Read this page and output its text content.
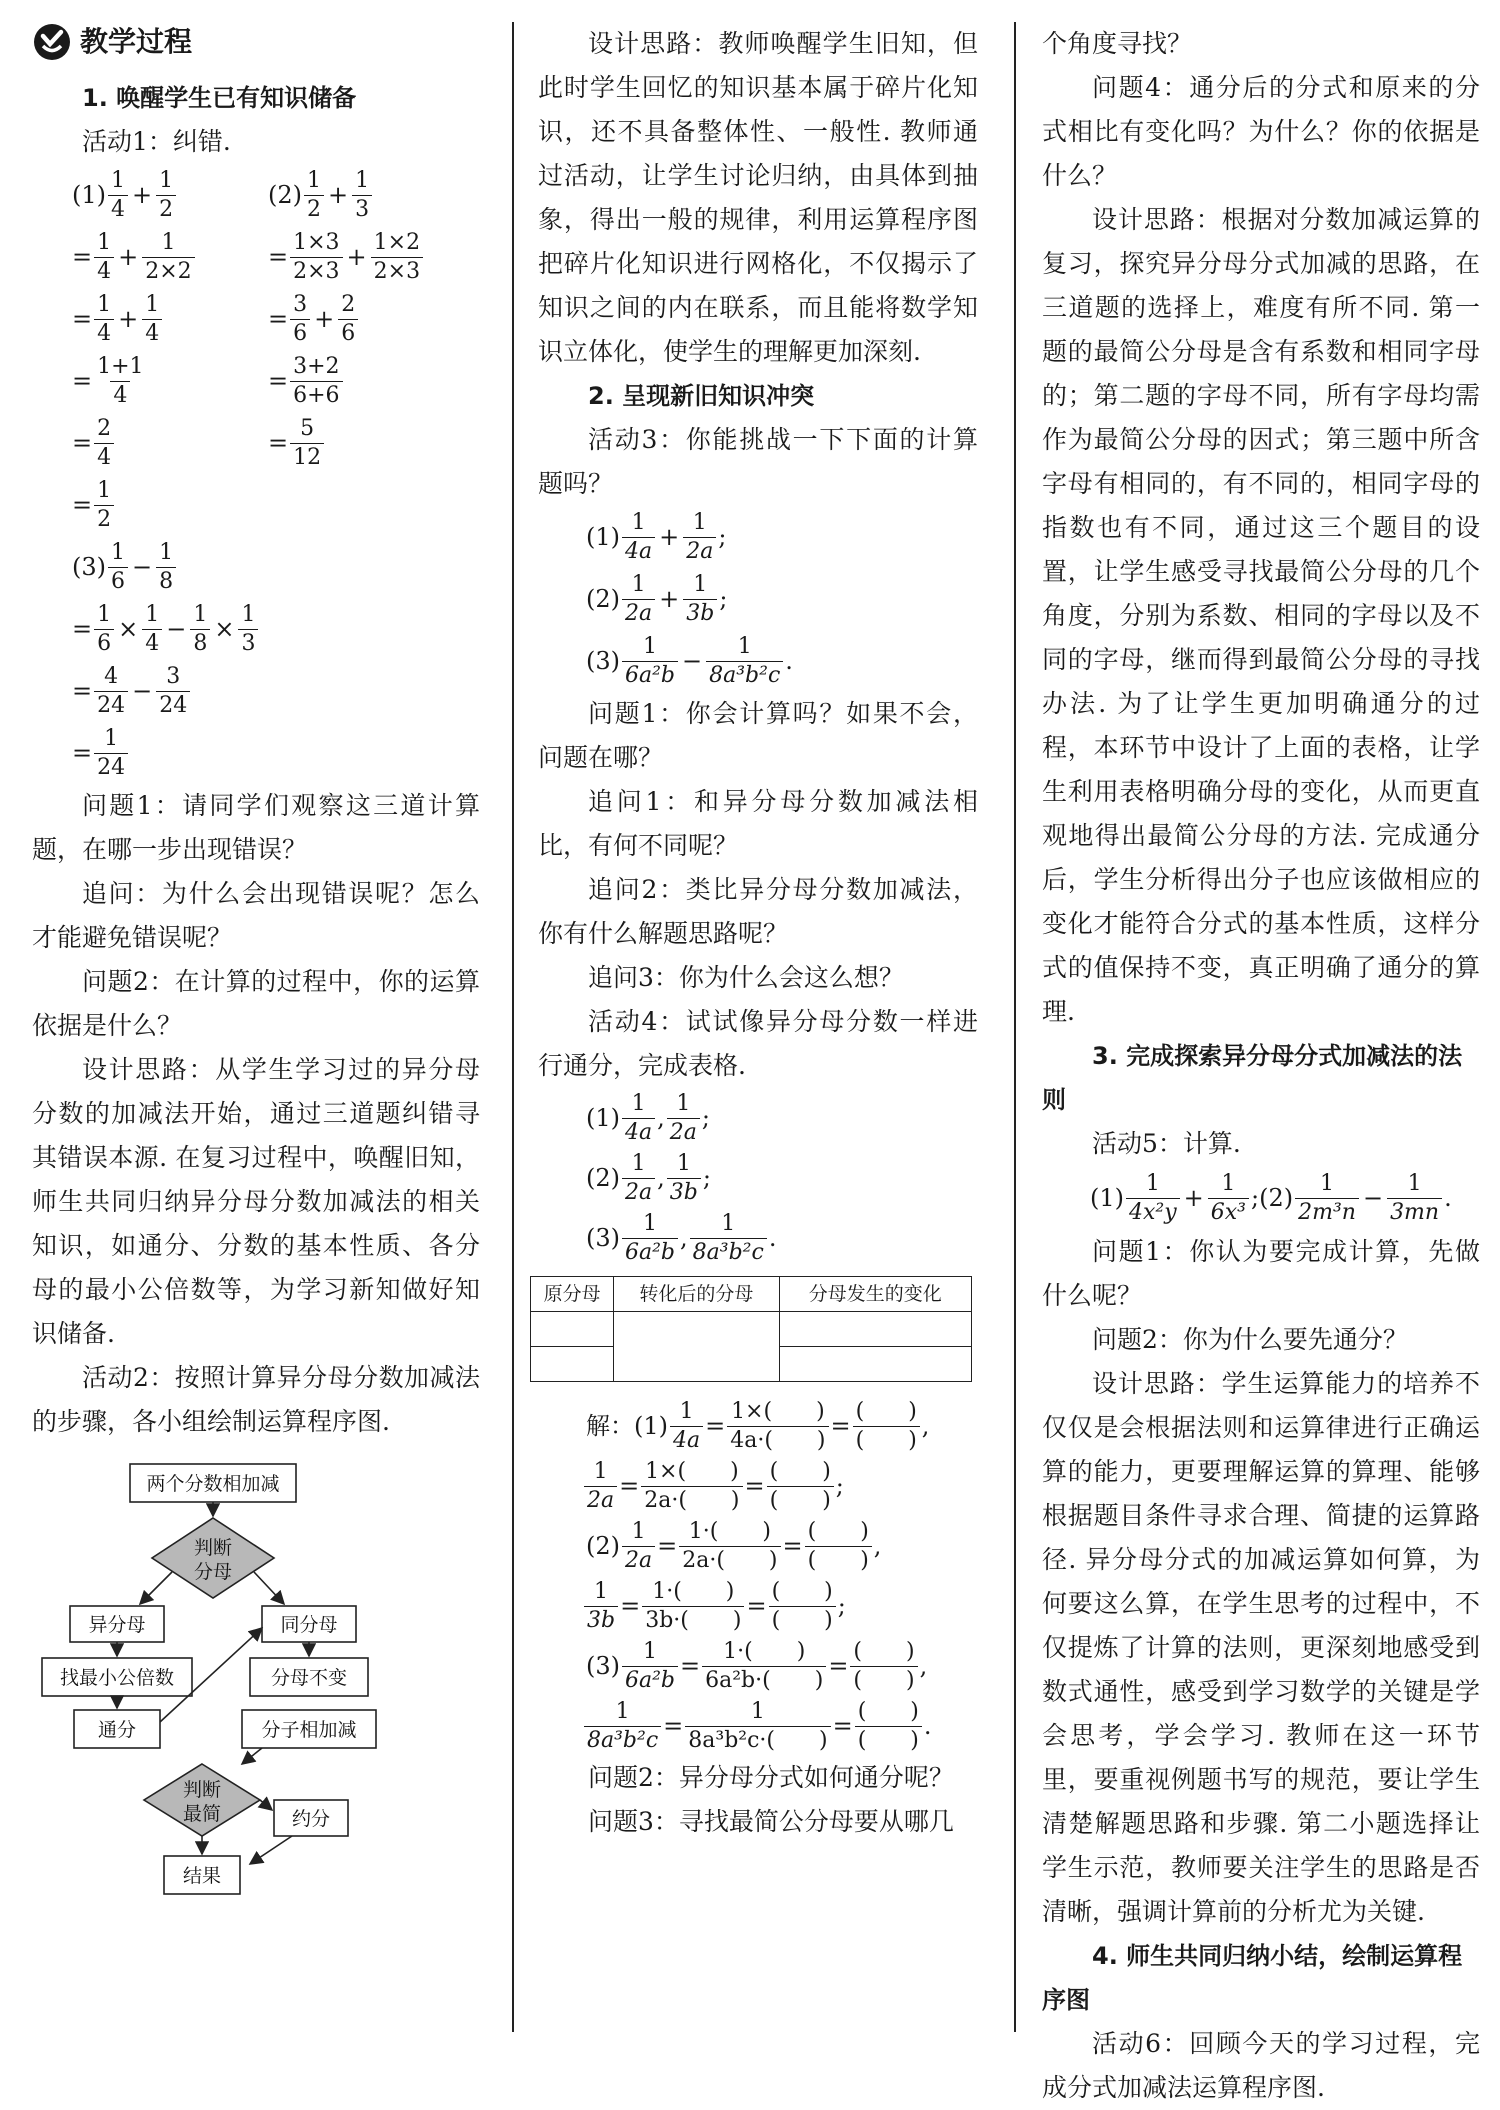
教学过程

1. 唤醒学生已有知识储备

活动1：纠错.

$(1) \frac{1}{4} + \frac{1}{2}$	$(2) \frac{1}{2} + \frac{1}{3}$
= $\frac{1}{4} + \frac{1}{2\times 2}$	= $\frac{1\times 3}{2\times 3} + \frac{1\times 2}{2\times 3}$
= $\frac{1}{4} + \frac{1}{4}$	= $\frac{3}{6} + \frac{2}{6}$
= $\frac{1+1}{4}$	= $\frac{3+2}{6+6}$
= $\frac{2}{4}$	= $\frac{5}{12}$
= $\frac{1}{2}$
$(3) \frac{1}{6} - \frac{1}{8}$
= $\frac{1}{6} \times \frac{1}{4} - \frac{1}{8} \times \frac{1}{3}$
= $\frac{4}{24} - \frac{3}{24}$
= $\frac{1}{24}$

问题1：请同学们观察这三道计算题，在哪一步出现错误？

追问：为什么会出现错误呢？怎么才能避免错误呢？

问题2：在计算的过程中，你的运算依据是什么？

设计思路：从学生学习过的异分母分数的加减法开始，通过三道题纠错寻其错误本源. 在复习过程中，唤醒旧知，师生共同归纳异分母分数加减法的相关知识，如通分、分数的基本性质、各分母的最小公倍数等，为学习新知做好知识储备.

活动2：按照计算异分母分数加减法的步骤，各小组绘制运算程序图.

两个分数相加减
判断
分母
异分母	同分母
找最小公倍数	分母不变
通分	分子相加减
判断
最简	约分
结果

设计思路：教师唤醒学生旧知，但此时学生回忆的知识基本属于碎片化知识，还不具备整体性、一般性. 教师通过活动，让学生讨论归纳，由具体到抽象，得出一般的规律，利用运算程序图把碎片化知识进行网格化，不仅揭示了知识之间的内在联系，而且能将数学知识立体化，使学生的理解更加深刻.

2. 呈现新旧知识冲突

活动3：你能挑战一下下面的计算题吗？

$(1) \frac{1}{4a} + \frac{1}{2a}$ ;
$(2) \frac{1}{2a} + \frac{1}{3b}$ ;
$(3) \frac{1}{\text{6a²b}} - \frac{1}{\text{8a³b²c}}$ .

问题1：你会计算吗？如果不会，问题在哪？

追问1：和异分母分数加减法相比，有何不同呢？

追问2：类比异分母分数加减法，你有什么解题思路呢？

追问3：你为什么会这么想？

活动4：试试像异分母分数一样进行通分，完成表格.

$(1) \frac{1}{4a}$ , $\frac{1}{2a}$ ;
$(2) \frac{1}{2a}$ , $\frac{1}{3b}$ ;
$(3) \frac{1}{\text{6a²b}}$ , $\frac{1}{\text{8a³b²c}}$ .
原分母	转化后的分母	分母发生的变化

解： $(1) \frac{1}{4a} = \frac{1\times( )}{4a\cdot( )} = \frac{( )}{( )}$ ,
$\frac{1}{2a} = \frac{1\times( )}{2a\cdot( )} = \frac{( )}{( )}$ ;
$(2) \frac{1}{2a} = \frac{1\cdot( )}{2a\cdot( )} = \frac{( )}{( )}$ ,
$\frac{1}{3b} = \frac{1\cdot( )}{3b\cdot( )} = \frac{( )}{( )}$ ;
$(3) \frac{1}{\text{6a²b}} = \frac{1\cdot( )}{\text{6a²b·(　　)}} = \frac{( )}{( )}$ ,
$\frac{1}{\text{8a³b²c}} = \frac{1}{\text{8a³b²c·(　　)}} = \frac{( )}{( )}$ .

问题2：异分母分式如何通分呢？

问题3：寻找最简公分母要从哪几

个角度寻找？

问题4：通分后的分式和原来的分式相比有变化吗？为什么？你的依据是什么？

设计思路：根据对分数加减运算的复习，探究异分母分式加减的思路，在三道题的选择上，难度有所不同. 第一题的最简公分母是含有系数和相同字母的；第二题的字母不同，所有字母均需作为最简公分母的因式；第三题中所含字母有相同的，有不同的，相同字母的指数也有不同，通过这三个题目的设置，让学生感受寻找最简公分母的几个角度，分别为系数、相同的字母以及不同的字母，继而得到最简公分母的寻找办法. 为了让学生更加明确通分的过程，本环节中设计了上面的表格，让学生利用表格明确分母的变化，从而更直观地得出最简公分母的方法. 完成通分后，学生分析得出分子也应该做相应的变化才能符合分式的基本性质，这样分式的值保持不变，真正明确了通分的算理.

3. 完成探索异分母分式加减法的法则

活动5：计算.

$(1) \frac{1}{\text{4x²y}} + \frac{1}{\text{6x³}}$ ;(2) $\frac{1}{\text{2m³n}} - \frac{1}{3mn}$ .

问题1：你认为要完成计算，先做什么呢？

问题2：你为什么要先通分？

设计思路：学生运算能力的培养不仅仅是会根据法则和运算律进行正确运算的能力，更要理解运算的算理、能够根据题目条件寻求合理、简捷的运算路径. 异分母分式的加减运算如何算，为何要这么算，在学生思考的过程中，不仅提炼了计算的法则，更深刻地感受到数式通性，感受到学习数学的关键是学会思考，学会学习. 教师在这一环节里，要重视例题书写的规范，要让学生清楚解题思路和步骤. 第二小题选择让学生示范，教师要关注学生的思路是否清晰，强调计算前的分析尤为关键.

4. 师生共同归纳小结，绘制运算程序图

活动6：回顾今天的学习过程，完成分式加减法运算程序图.
